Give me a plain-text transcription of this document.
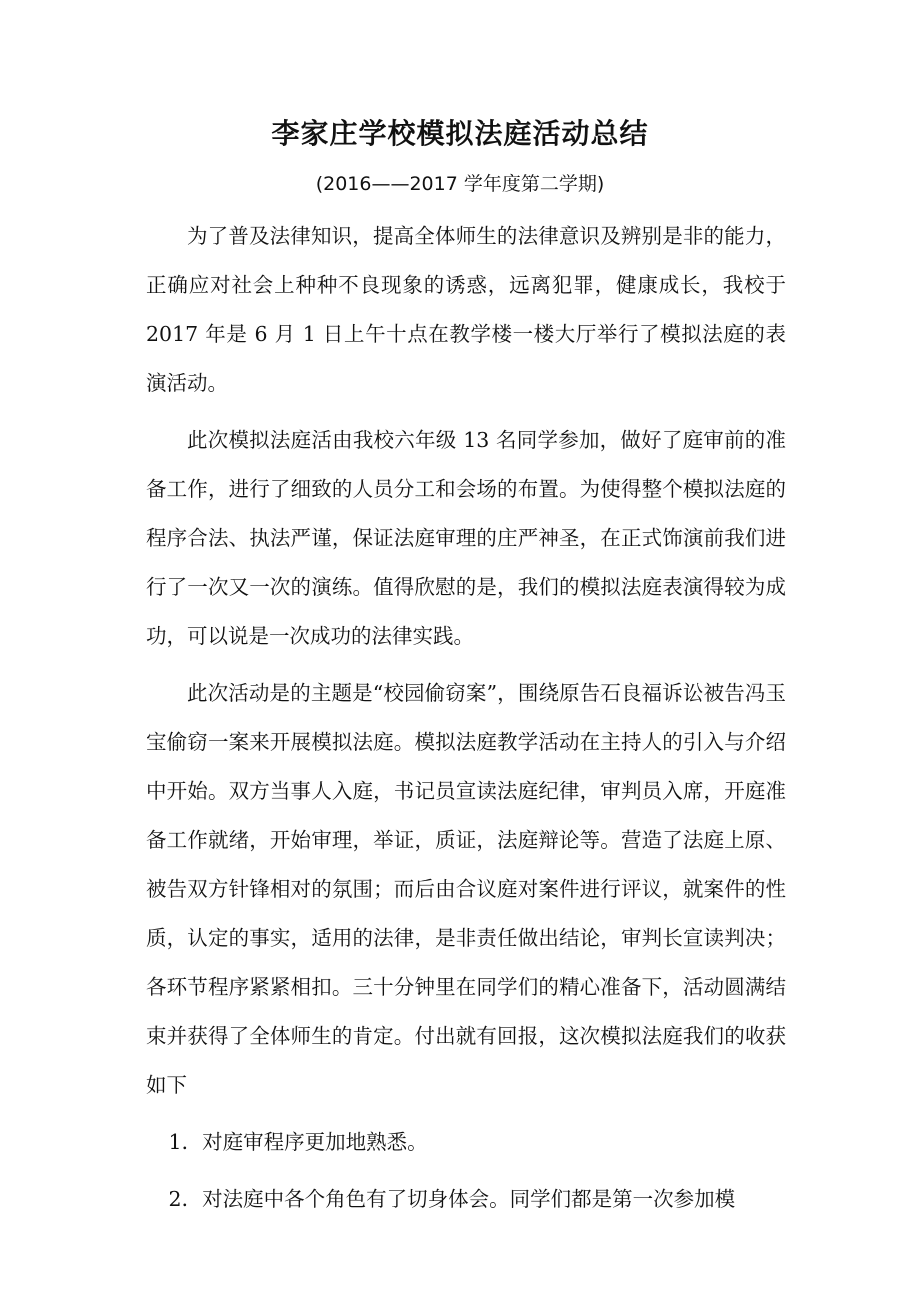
李家庄学校模拟法庭活动总结
(2016——2017 学年度第二学期)

为了普及法律知识，提高全体师生的法律意识及辨别是非的能力，正确应对社会上种种不良现象的诱惑，远离犯罪，健康成长，我校于 2017 年是 6 月 1 日上午十点在教学楼一楼大厅举行了模拟法庭的表演活动。

此次模拟法庭活由我校六年级 13 名同学参加，做好了庭审前的准备工作，进行了细致的人员分工和会场的布置。为使得整个模拟法庭的程序合法、执法严谨，保证法庭审理的庄严神圣，在正式饰演前我们进行了一次又一次的演练。值得欣慰的是，我们的模拟法庭表演得较为成功，可以说是一次成功的法律实践。

此次活动是的主题是“校园偷窃案”，围绕原告石良福诉讼被告冯玉宝偷窃一案来开展模拟法庭。模拟法庭教学活动在主持人的引入与介绍中开始。双方当事人入庭，书记员宣读法庭纪律，审判员入席，开庭准备工作就绪，开始审理，举证，质证，法庭辩论等。营造了法庭上原、被告双方针锋相对的氛围；而后由合议庭对案件进行评议，就案件的性质，认定的事实，适用的法律，是非责任做出结论，审判长宣读判决；各环节程序紧紧相扣。三十分钟里在同学们的精心准备下，活动圆满结束并获得了全体师生的肯定。付出就有回报，这次模拟法庭我们的收获如下

1．对庭审程序更加地熟悉。

2．对法庭中各个角色有了切身体会。同学们都是第一次参加模
